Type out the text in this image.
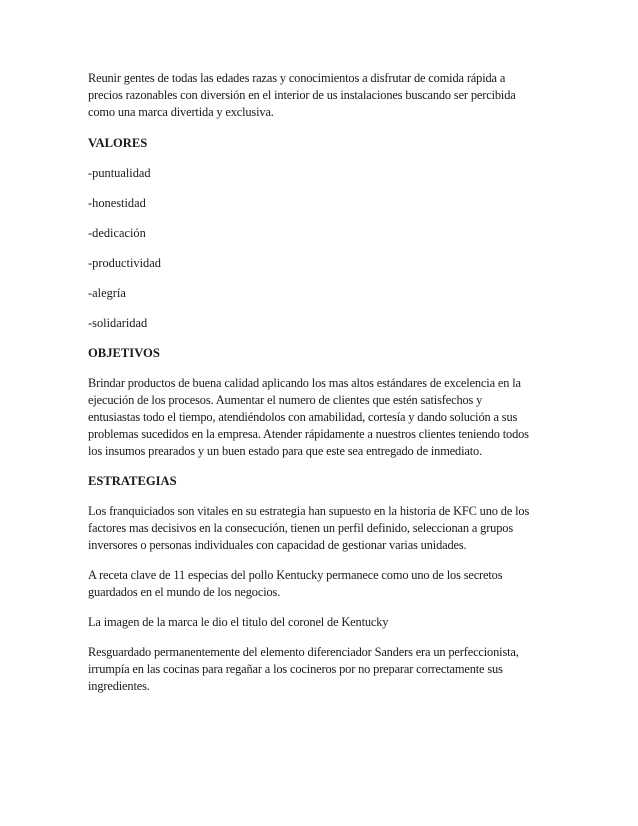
Reunir gentes de todas las edades razas y conocimientos a disfrutar de comida rápida a
precios razonables con diversión en el interior de us instalaciones buscando ser percibida
como una marca divertida y exclusiva.

VALORES

-puntualidad

-honestidad

-dedicación

-productividad

-alegría

-solidaridad

OBJETIVOS

Brindar productos de buena calidad aplicando los mas altos estándares de excelencia en la
ejecución de los procesos. Aumentar el numero de clientes que estén satisfechos y
entusiastas todo el tiempo, atendiéndolos con amabilidad, cortesía y dando solución a sus
problemas sucedidos en la empresa. Atender rápidamente a nuestros clientes teniendo todos
los insumos prearados y un buen estado para que este sea entregado de inmediato.

ESTRATEGIAS

Los franquiciados son vitales en su estrategia han supuesto en la historia de KFC uno de los
factores mas decisivos en la consecución, tienen un perfil definido, seleccionan a grupos
inversores o personas individuales con capacidad de gestionar varias unidades.

A receta clave de 11 especias del pollo Kentucky permanece como uno de los secretos
guardados en el mundo de los negocios.

La imagen de la marca le dio el titulo del coronel de Kentucky

Resguardado permanentemente del elemento diferenciador Sanders era un perfeccionista,
irrumpía en las cocinas para regañar a los cocineros por no preparar correctamente sus
ingredientes.
